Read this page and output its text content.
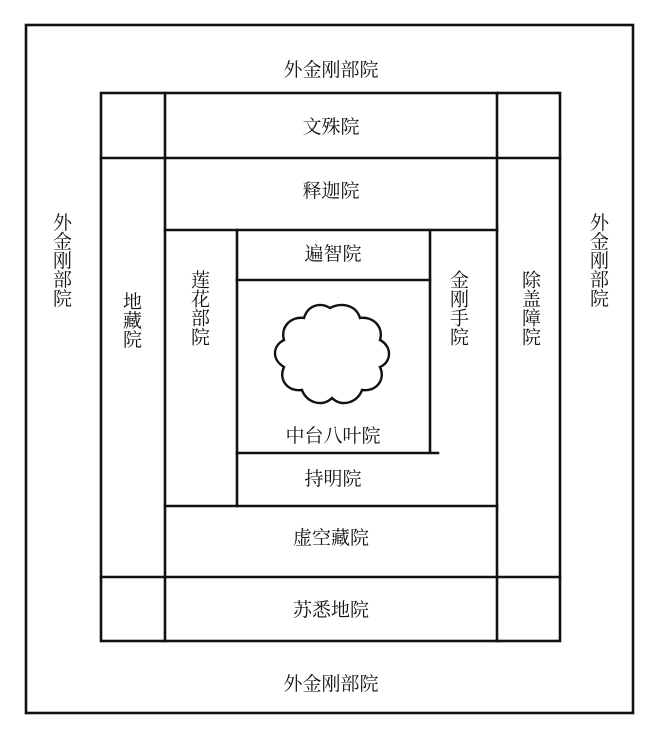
外金刚部院
文殊院
释迦院
遍智院
中台八叶院
持明院
虚空藏院
苏悉地院
外金刚部院
外金刚部院
地藏院 莲花部院	金刚手院	除盖障院
外金刚部院
